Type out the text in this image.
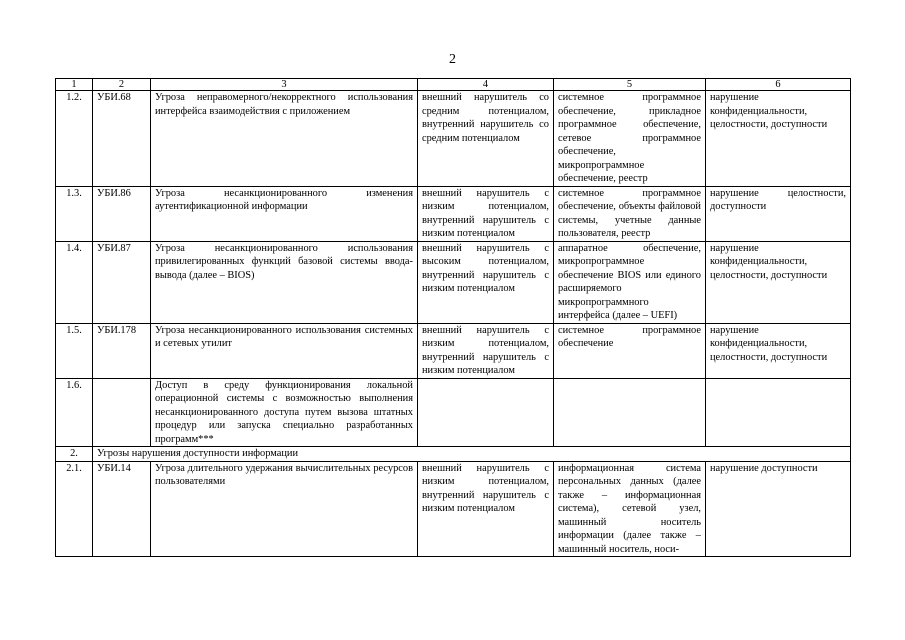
2
1	2	3	4	5	6
1.2.	УБИ.68	Угроза неправомерного/некорректного использования интерфейса взаимодействия с приложением	внешний нарушитель со средним потенциалом, внутренний нарушитель со средним потенциалом	системное программное обеспечение, прикладное программное обеспечение, сетевое программное обеспечение, микропрограммное обеспечение, реестр	нарушение конфиденциальности, целостности, доступности
1.3.	УБИ.86	Угроза несанкционированного изменения аутентификационной информации	внешний нарушитель с низким потенциалом, внутренний нарушитель с низким потенциалом	системное программное обеспечение, объекты файловой системы, учетные данные пользователя, реестр	нарушение целостности, доступности
1.4.	УБИ.87	Угроза несанкционированного использования привилегированных функций базовой системы ввода-вывода (далее – BIOS)	внешний нарушитель с высоким потенциалом, внутренний нарушитель с низким потенциалом	аппаратное обеспечение, микропрограммное обеспечение BIOS или единого расширяемого микропрограммного интерфейса (далее – UEFI)	нарушение конфиденциальности, целостности, доступности
1.5.	УБИ.178	Угроза несанкционированного использования системных и сетевых утилит	внешний нарушитель с низким потенциалом, внутренний нарушитель с низким потенциалом	системное программное обеспечение	нарушение конфиденциальности, целостности, доступности
1.6.		Доступ в среду функционирования локальной операционной системы с возможностью выполнения несанкционированного доступа путем вызова штатных процедур или запуска специально разработанных программ***			
2.	Угрозы нарушения доступности информации				
2.1.	УБИ.14	Угроза длительного удержания вычислительных ресурсов пользователями	внешний нарушитель с низким потенциалом, внутренний нарушитель с низким потенциалом	информационная система персональных данных (далее также – информационная система), сетевой узел, машинный носитель информации (далее также – машинный носитель, носи-	нарушение доступности
